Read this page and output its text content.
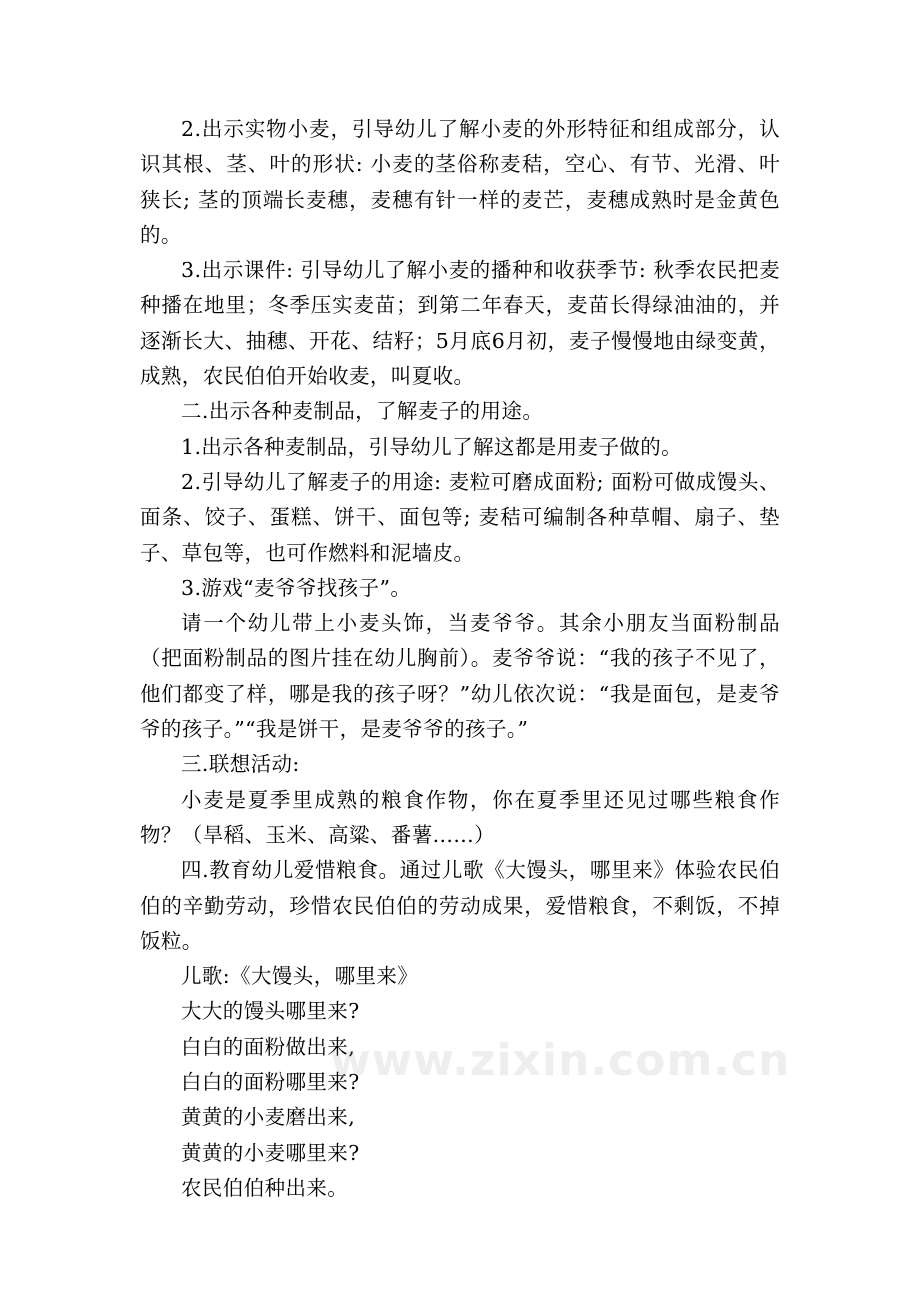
2.出示实物小麦，引导幼儿了解小麦的外形特征和组成部分，认识其根、茎、叶的形状: 小麦的茎俗称麦秸，空心、有节、光滑、叶狭长; 茎的顶端长麦穗，麦穗有针一样的麦芒，麦穗成熟时是金黄色的。

3.出示课件: 引导幼儿了解小麦的播种和收获季节: 秋季农民把麦种播在地里；冬季压实麦苗；到第二年春天，麦苗长得绿油油的，并逐渐长大、抽穗、开花、结籽；5月底6月初，麦子慢慢地由绿变黄，成熟，农民伯伯开始收麦，叫夏收。

二.出示各种麦制品，了解麦子的用途。

1.出示各种麦制品，引导幼儿了解这都是用麦子做的。

2.引导幼儿了解麦子的用途: 麦粒可磨成面粉; 面粉可做成馒头、面条、饺子、蛋糕、饼干、面包等; 麦秸可编制各种草帽、扇子、垫子、草包等，也可作燃料和泥墙皮。

3.游戏“麦爷爷找孩子”。

请一个幼儿带上小麦头饰，当麦爷爷。其余小朋友当面粉制品（把面粉制品的图片挂在幼儿胸前）。麦爷爷说：“我的孩子不见了，他们都变了样，哪是我的孩子呀？”幼儿依次说：“我是面包，是麦爷爷的孩子。”“我是饼干，是麦爷爷的孩子。”

三.联想活动:

小麦是夏季里成熟的粮食作物，你在夏季里还见过哪些粮食作物？（旱稻、玉米、高粱、番薯......）

四.教育幼儿爱惜粮食。通过儿歌《大馒头，哪里来》体验农民伯伯的辛勤劳动，珍惜农民伯伯的劳动成果，爱惜粮食，不剩饭，不掉饭粒。

儿歌:《大馒头，哪里来》

大大的馒头哪里来?

白白的面粉做出来,

白白的面粉哪里来?

黄黄的小麦磨出来,

黄黄的小麦哪里来?

农民伯伯种出来。

www.zixin.com.cn
